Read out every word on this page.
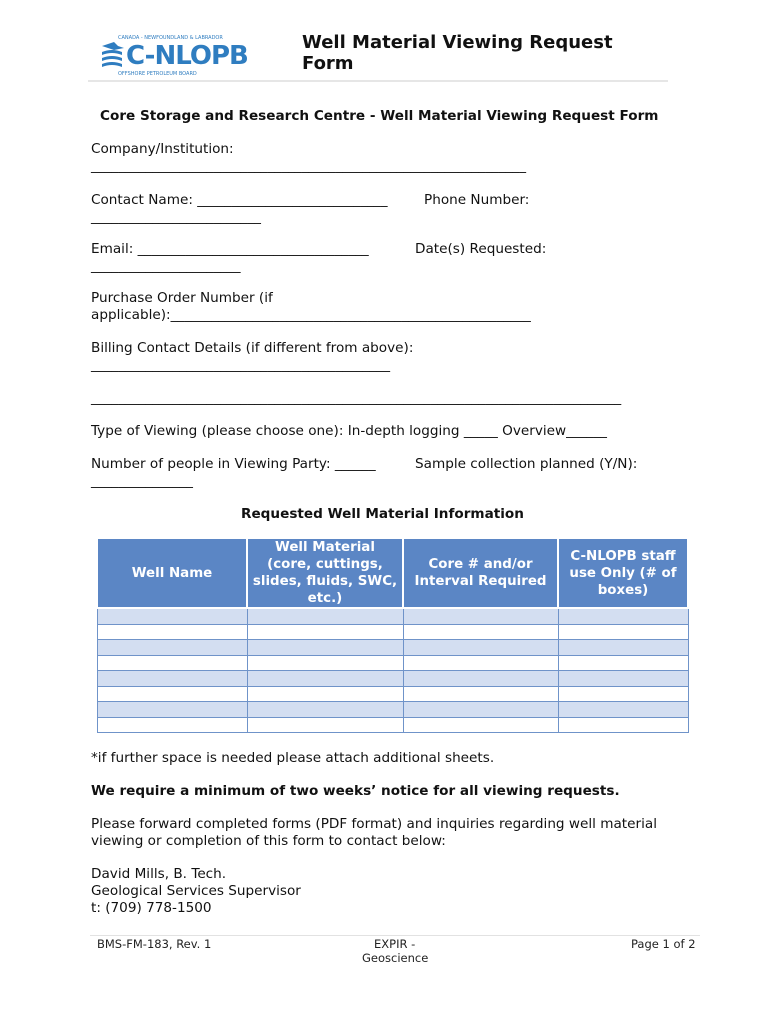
CANADA - NEWFOUNDLAND & LABRADOR
C-NLOPB
OFFSHORE PETROLEUM BOARD
Well Material Viewing Request Form
Core Storage and Research Centre - Well Material Viewing Request Form
Company/Institution:
________________________________________________________________
Contact Name: ____________________________	Phone Number:
_________________________
Email: __________________________________	Date(s) Requested:
______________________
Purchase Order Number (if
applicable):_____________________________________________________
Billing Contact Details (if different from above):
____________________________________________
______________________________________________________________________________
Type of Viewing (please choose one): In-depth logging _____ Overview______
Number of people in Viewing Party: ______	Sample collection planned (Y/N):
_______________
Requested Well Material Information
Well Name	Well Material (core, cuttings, slides, fluids, SWC, etc.)	Core # and/or Interval Required	C-NLOPB staff use Only (# of boxes)

*if further space is needed please attach additional sheets.
We require a minimum of two weeks’ notice for all viewing requests.
Please forward completed forms (PDF format) and inquiries regarding well material
viewing or completion of this form to contact below:
David Mills, B. Tech.
Geological Services Supervisor
t: (709) 778-1500
BMS-FM-183, Rev. 1	EXPIR -
Geoscience
Page 1 of 2
